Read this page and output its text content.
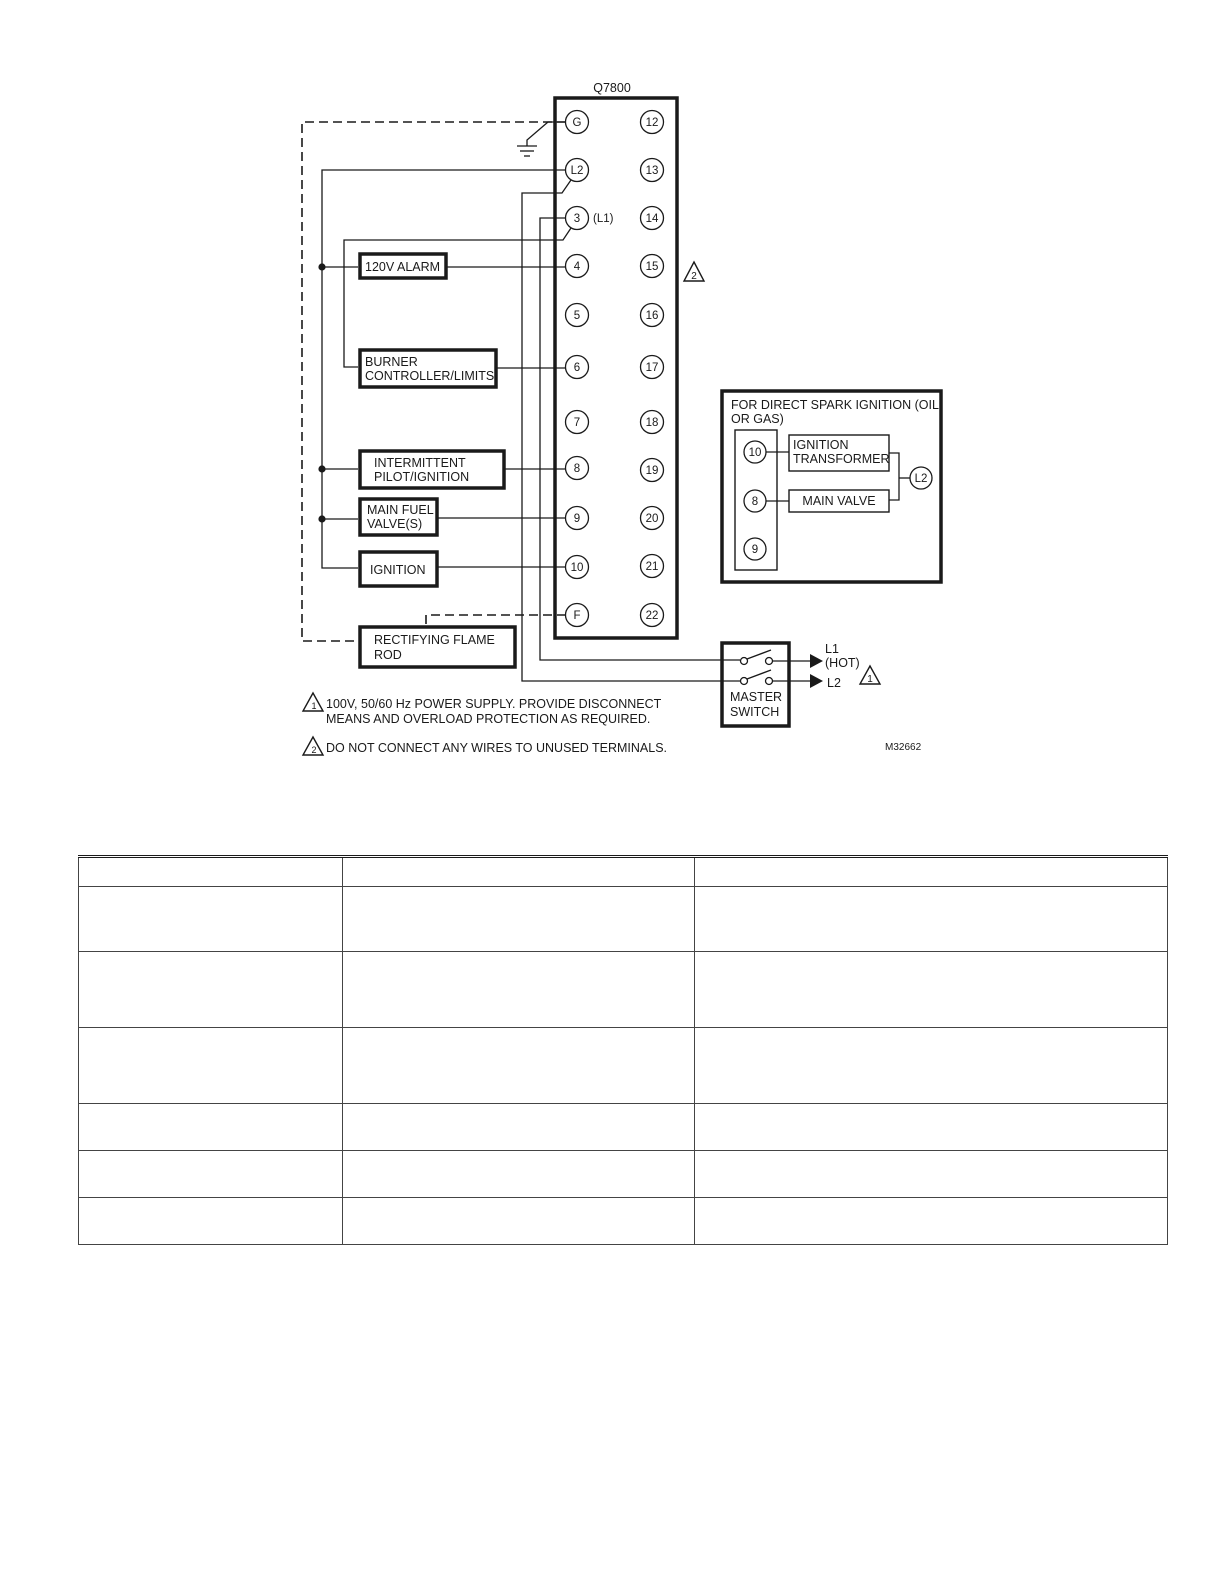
Q7800
G
L2
3
4
5
6
7
8
9
10
F
(L1)
12
13
14
15
16
17
18
19
20
21
22
2
120V ALARM
BURNER
CONTROLLER/LIMITS
INTERMITTENT
PILOT/IGNITION
MAIN FUEL
VALVE(S)
IGNITION
RECTIFYING FLAME
ROD
MASTER
SWITCH
L1
(HOT)
L2	1
FOR DIRECT SPARK IGNITION (OIL
OR GAS)
10
8
9
IGNITION
TRANSFORMER
MAIN VALVE
L2
1 100V, 50/60 Hz POWER SUPPLY. PROVIDE DISCONNECT
MEANS AND OVERLOAD PROTECTION AS REQUIRED.
2 DO NOT CONNECT ANY WIRES TO UNUSED TERMINALS.	M32662
